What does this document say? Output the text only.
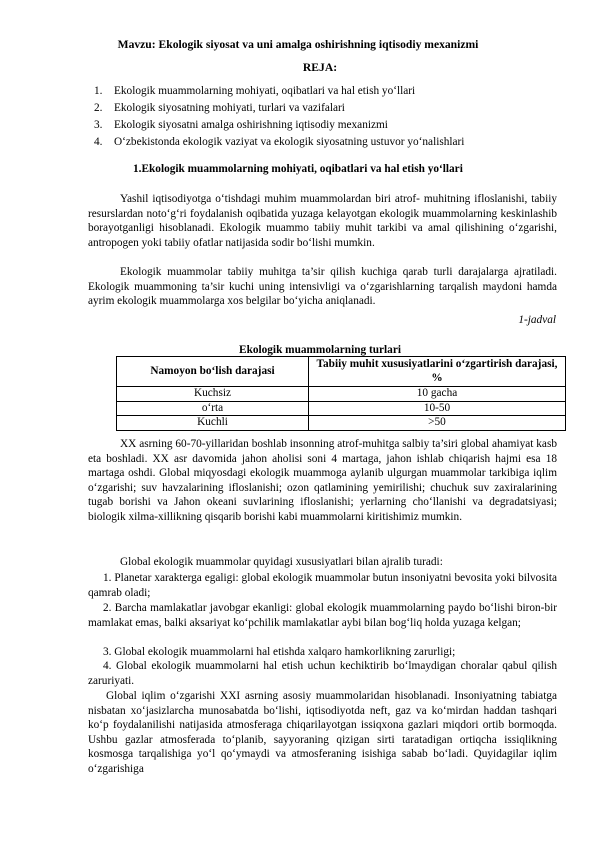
Mavzu: Ekologik siyosat va uni amalga oshirishning iqtisodiy mexanizmi
REJA:
1. Ekologik muammolarning mohiyati, oqibatlari va hal etish yo‘llari
2. Ekologik siyosatning mohiyati, turlari va vazifalari
3. Ekologik siyosatni amalga oshirishning iqtisodiy mexanizmi
4. O‘zbekistonda ekologik vaziyat va ekologik siyosatning ustuvor yo‘nalishlari
1.Ekologik muammolarning mohiyati, oqibatlari va hal etish yo‘llari

Yashil iqtisodiyotga o‘tishdagi muhim muammolardan biri atrof- muhitning ifloslanishi, tabiiy resurslardan noto‘g‘ri foydalanish oqibatida yuzaga kelayotgan ekologik muammolarning keskinlashib borayotganligi hisoblanadi. Ekologik muammo tabiiy muhit tarkibi va amal qilishining o‘zgarishi, antropogen yoki tabiiy ofatlar natijasida sodir bo‘lishi mumkin.

Ekologik muammolar tabiiy muhitga ta’sir qilish kuchiga qarab turli darajalarga ajratiladi. Ekologik muammoning ta’sir kuchi uning intensivligi va o‘zgarishlarning tarqalish maydoni hamda ayrim ekologik muammolarga xos belgilar bo‘yicha aniqlanadi.

1-jadval
Ekologik muammolarning turlari
Namoyon bo‘lish darajasi	Tabiiy muhit xususiyatlarini o‘zgartirish darajasi, %
Kuchsiz	10 gacha
o‘rta	10-50
Kuchli	>50

XX asrning 60-70-yillaridan boshlab insonning atrof-muhitga salbiy ta’siri global ahamiyat kasb eta boshladi. XX asr davomida jahon aholisi soni 4 martaga, jahon ishlab chiqarish hajmi esa 18 martaga oshdi. Global miqyosdagi ekologik muammoga aylanib ulgurgan muammolar tarkibiga iqlim o‘zgarishi; suv havzalarining ifloslanishi; ozon qatlamining yemirilishi; chuchuk suv zaxiralarining tugab borishi va Jahon okeani suvlarining ifloslanishi; yerlarning cho‘llanishi va degradatsiyasi; biologik xilma-xillikning qisqarib borishi kabi muammolarni kiritishimiz mumkin.

Global ekologik muammolar quyidagi xususiyatlari bilan ajralib turadi:

1. Planetar xarakterga egaligi: global ekologik muammolar butun insoniyatni bevosita yoki bilvosita qamrab oladi;

2. Barcha mamlakatlar javobgar ekanligi: global ekologik muammolarning paydo bo‘lishi biron-bir mamlakat emas, balki aksariyat ko‘pchilik mamlakatlar aybi bilan bog‘liq holda yuzaga kelgan;

3. Global ekologik muammolarni hal etishda xalqaro hamkorlikning zarurligi;

4. Global ekologik muammolarni hal etish uchun kechiktirib bo‘lmaydigan choralar qabul qilish zaruriyati.

Global iqlim o‘zgarishi XXI asrning asosiy muammolaridan hisoblanadi. Insoniyatning tabiatga nisbatan xo‘jasizlarcha munosabatda bo‘lishi, iqtisodiyotda neft, gaz va ko‘mirdan haddan tashqari ko‘p foydalanilishi natijasida atmosferaga chiqarilayotgan issiqxona gazlari miqdori ortib bormoqda. Ushbu gazlar atmosferada to‘planib, sayyoraning qizigan sirti taratadigan ortiqcha issiqlikning kosmosga tarqalishiga yo‘l qo‘ymaydi va atmosferaning isishiga sabab bo‘ladi. Quyidagilar iqlim o‘zgarishiga
